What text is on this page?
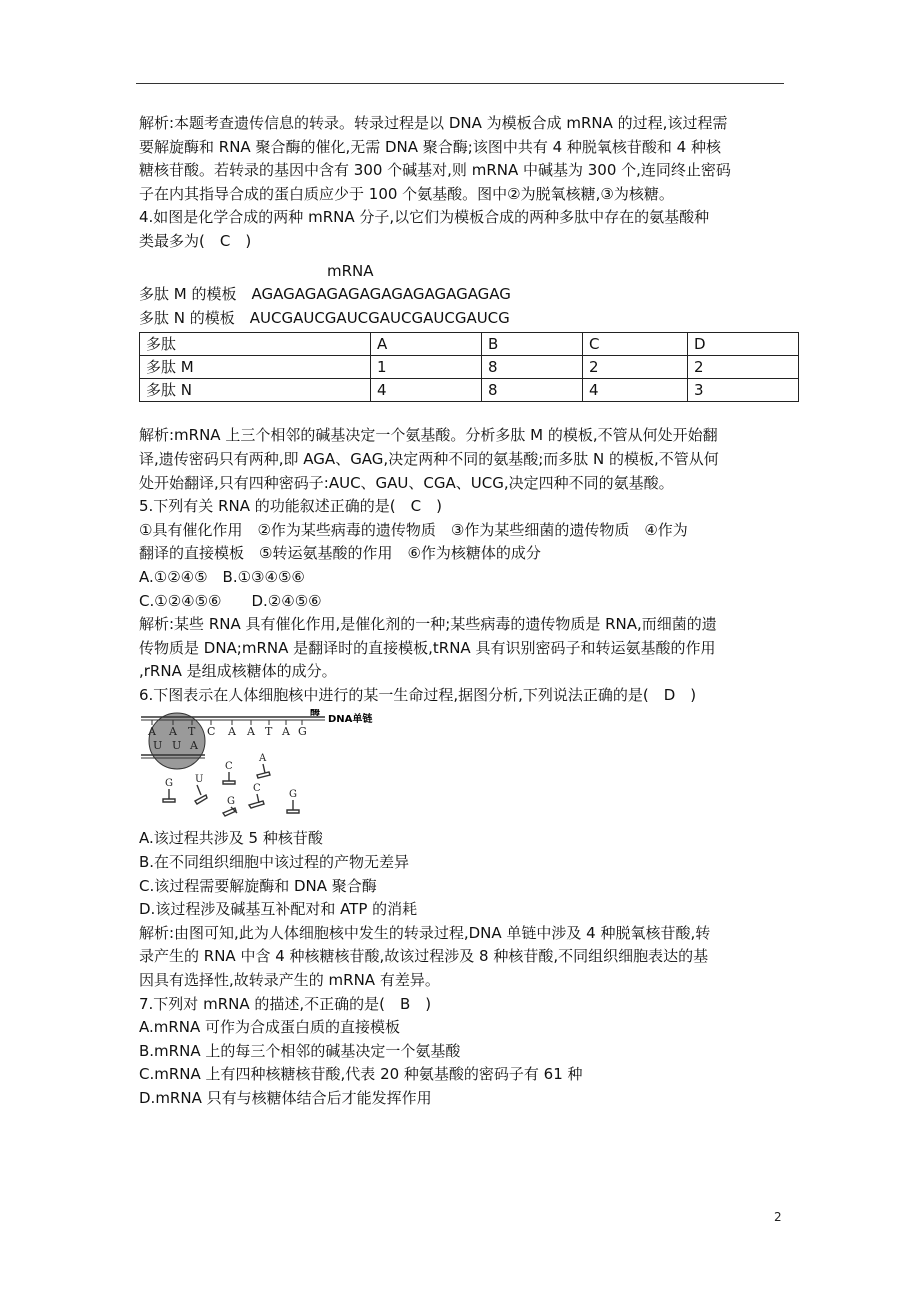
解析:本题考查遗传信息的转录。转录过程是以 DNA 为模板合成 mRNA 的过程,该过程需
要解旋酶和 RNA 聚合酶的催化,无需 DNA 聚合酶;该图中共有 4 种脱氧核苷酸和 4 种核
糖核苷酸。若转录的基因中含有 300 个碱基对,则 mRNA 中碱基为 300 个,连同终止密码
子在内其指导合成的蛋白质应少于 100 个氨基酸。图中②为脱氧核糖,③为核糖。
4.如图是化学合成的两种 mRNA 分子,以它们为模板合成的两种多肽中存在的氨基酸种
类最多为(　C　)
mRNA
多肽 M 的模板　AGAGAGAGAGAGAGAGAGAGAGAG
多肽 N 的模板　AUCGAUCGAUCGAUCGAUCGAUCG
多肽	A	B	C	D
多肽 M	1	8	2	2
多肽 N	4	8	4	3
解析:mRNA 上三个相邻的碱基决定一个氨基酸。分析多肽 M 的模板,不管从何处开始翻
译,遗传密码只有两种,即 AGA、GAG,决定两种不同的氨基酸;而多肽 N 的模板,不管从何
处开始翻译,只有四种密码子:AUC、GAU、CGA、UCG,决定四种不同的氨基酸。
5.下列有关 RNA 的功能叙述正确的是(　C　)
①具有催化作用　②作为某些病毒的遗传物质　③作为某些细菌的遗传物质　④作为
翻译的直接模板　⑤转运氨基酸的作用　⑥作为核糖体的成分
A.①②④⑤　B.①③④⑤⑥
C.①②④⑤⑥　　D.②④⑤⑥
解析:某些 RNA 具有催化作用,是催化剂的一种;某些病毒的遗传物质是 RNA,而细菌的遗
传物质是 DNA;mRNA 是翻译时的直接模板,tRNA 具有识别密码子和转运氨基酸的作用
,rRNA 是组成核糖体的成分。
6.下图表示在人体细胞核中进行的某一生命过程,据图分析,下列说法正确的是(　D　)
酶
DNA单链
A A T C A A T A G
U U A
G U
C
A
G
C
G
A.该过程共涉及 5 种核苷酸
B.在不同组织细胞中该过程的产物无差异
C.该过程需要解旋酶和 DNA 聚合酶
D.该过程涉及碱基互补配对和 ATP 的消耗
解析:由图可知,此为人体细胞核中发生的转录过程,DNA 单链中涉及 4 种脱氧核苷酸,转
录产生的 RNA 中含 4 种核糖核苷酸,故该过程涉及 8 种核苷酸,不同组织细胞表达的基
因具有选择性,故转录产生的 mRNA 有差异。
7.下列对 mRNA 的描述,不正确的是(　B　)
A.mRNA 可作为合成蛋白质的直接模板
B.mRNA 上的每三个相邻的碱基决定一个氨基酸
C.mRNA 上有四种核糖核苷酸,代表 20 种氨基酸的密码子有 61 种
D.mRNA 只有与核糖体结合后才能发挥作用
2
